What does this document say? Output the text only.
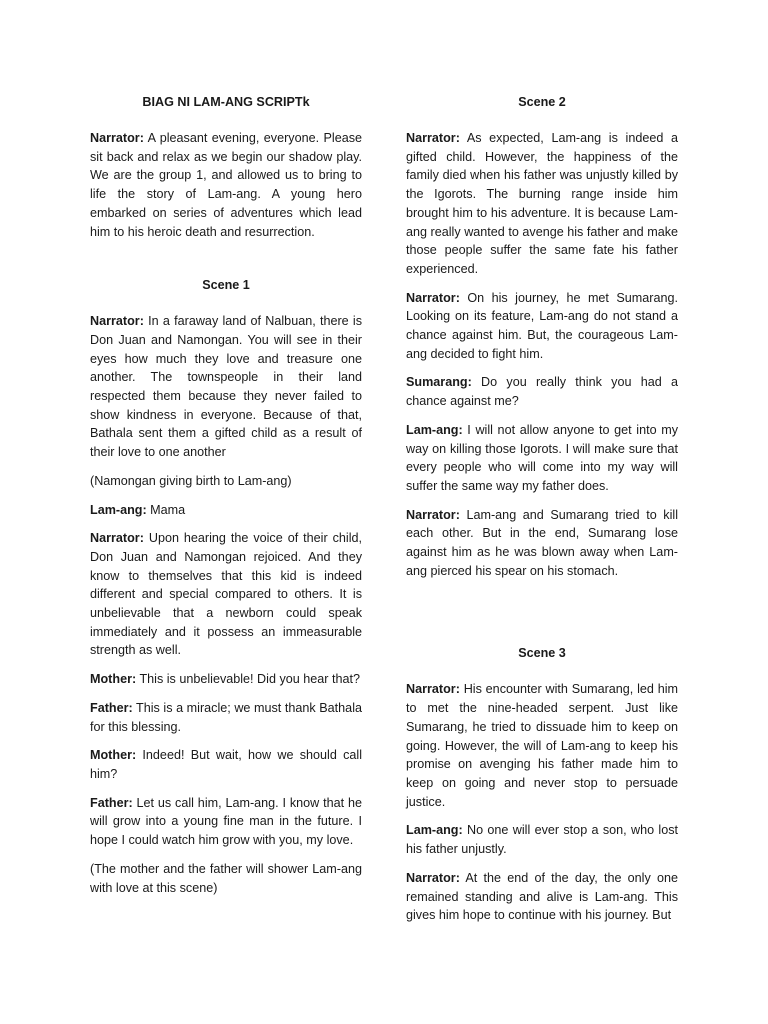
BIAG NI LAM-ANG SCRIPTk

Narrator: A pleasant evening, everyone. Please sit back and relax as we begin our shadow play. We are the group 1, and allowed us to bring to life the story of Lam-ang. A young hero embarked on series of adventures which lead him to his heroic death and resurrection.

Scene 1

Narrator: In a faraway land of Nalbuan, there is Don Juan and Namongan. You will see in their eyes how much they love and treasure one another. The townspeople in their land respected them because they never failed to show kindness in everyone. Because of that, Bathala sent them a gifted child as a result of their love to one another

(Namongan giving birth to Lam-ang)

Lam-ang: Mama

Narrator: Upon hearing the voice of their child, Don Juan and Namongan rejoiced. And they know to themselves that this kid is indeed different and special compared to others. It is unbelievable that a newborn could speak immediately and it possess an immeasurable strength as well.

Mother: This is unbelievable! Did you hear that?

Father: This is a miracle; we must thank Bathala for this blessing.

Mother: Indeed! But wait, how we should call him?

Father: Let us call him, Lam-ang. I know that he will grow into a young fine man in the future. I hope I could watch him grow with you, my love.

(The mother and the father will shower Lam-ang with love at this scene)

Scene 2

Narrator: As expected, Lam-ang is indeed a gifted child. However, the happiness of the family died when his father was unjustly killed by the Igorots. The burning range inside him brought him to his adventure. It is because Lam-ang really wanted to avenge his father and make those people suffer the same fate his father experienced.

Narrator: On his journey, he met Sumarang. Looking on its feature, Lam-ang do not stand a chance against him. But, the courageous Lam-ang decided to fight him.

Sumarang: Do you really think you had a chance against me?

Lam-ang: I will not allow anyone to get into my way on killing those Igorots. I will make sure that every people who will come into my way will suffer the same way my father does.

Narrator: Lam-ang and Sumarang tried to kill each other. But in the end, Sumarang lose against him as he was blown away when Lam-ang pierced his spear on his stomach.

Scene 3

Narrator: His encounter with Sumarang, led him to met the nine-headed serpent. Just like Sumarang, he tried to dissuade him to keep on going. However, the will of Lam-ang to keep his promise on avenging his father made him to keep on going and never stop to persuade justice.

Lam-ang: No one will ever stop a son, who lost his father unjustly.

Narrator: At the end of the day, the only one remained standing and alive is Lam-ang. This gives him hope to continue with his journey. But
